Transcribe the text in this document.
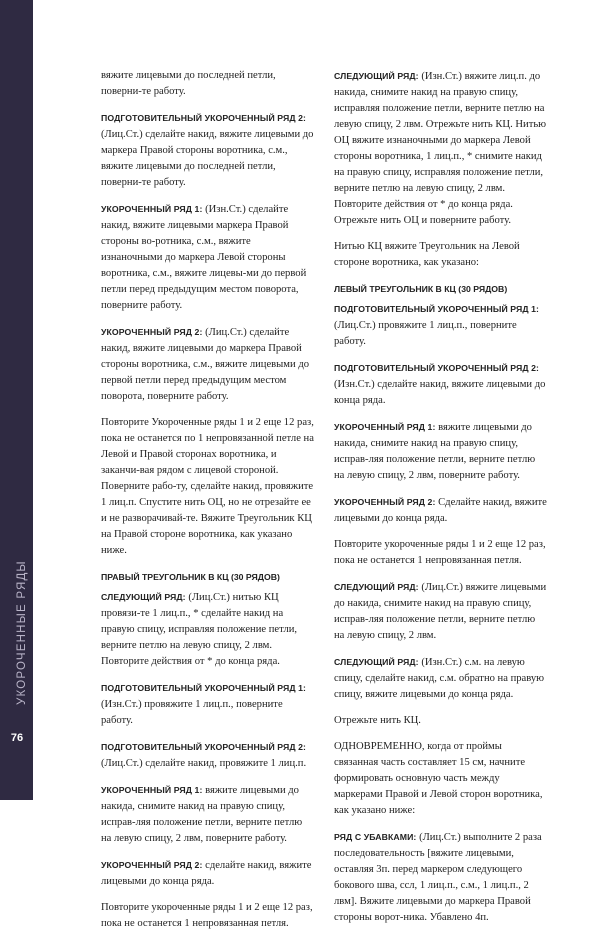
УКОРОЧЕННЫЕ РЯДЫ
76

вяжите лицевыми до последней петли, поверни-те работу.

ПОДГОТОВИТЕЛЬНЫЙ УКОРОЧЕННЫЙ РЯД 2: (Лиц.Ст.) сделайте накид, вяжите лицевыми до маркера Правой стороны воротника, с.м., вяжите лицевыми до последней петли, поверни-те работу.

УКОРОЧЕННЫЙ РЯД 1: (Изн.Ст.) сделайте накид, вяжите лицевыми маркера Правой стороны во-ротника, с.м., вяжите изнаночными до маркера Левой стороны воротника, с.м., вяжите лицевы-ми до первой петли перед предыдущим местом поворота, поверните работу.

УКОРОЧЕННЫЙ РЯД 2: (Лиц.Ст.) сделайте накид, вяжите лицевыми до маркера Правой стороны воротника, с.м., вяжите лицевыми до первой петли перед предыдущим местом поворота, поверните работу.

Повторите Укороченные ряды 1 и 2 еще 12 раз, пока не останется по 1 непровязанной петле на Левой и Правой сторонах воротника, и заканчи-вая рядом с лицевой стороной. Поверните рабо-ту, сделайте накид, провяжите 1 лиц.п. Спустите нить ОЦ, но не отрезайте ее и не разворачивай-те. Вяжите Треугольник КЦ на Правой стороне воротника, как указано ниже.

ПРАВЫЙ ТРЕУГОЛЬНИК В КЦ (30 РЯДОВ)

СЛЕДУЮЩИЙ РЯД: (Лиц.Ст.) нитью КЦ провязи-те 1 лиц.п., * сделайте накид на правую спицу, исправляя положение петли, верните петлю на левую спицу, 2 лвм. Повторите действия от * до конца ряда.

ПОДГОТОВИТЕЛЬНЫЙ УКОРОЧЕННЫЙ РЯД 1: (Изн.Ст.) провяжите 1 лиц.п., поверните работу.

ПОДГОТОВИТЕЛЬНЫЙ УКОРОЧЕННЫЙ РЯД 2: (Лиц.Ст.) сделайте накид, провяжите 1 лиц.п.

УКОРОЧЕННЫЙ РЯД 1: вяжите лицевыми до накида, снимите накид на правую спицу, исправ-ляя положение петли, верните петлю на левую спицу, 2 лвм, поверните работу.

УКОРОЧЕННЫЙ РЯД 2: сделайте накид, вяжите лицевыми до конца ряда.

Повторите укороченные ряды 1 и 2 еще 12 раз, пока не останется 1 непровязанная петля.

СЛЕДУЮЩИЙ РЯД: (Изн.Ст.) вяжите лиц.п. до накида, снимите накид на правую спицу, исправляя положение петли, верните петлю на левую спицу, 2 лвм. Отрежьте нить КЦ. Нитью ОЦ вяжите изнаночными до маркера Левой стороны воротника, 1 лиц.п., * снимите накид на правую спицу, исправляя положение петли, верните петлю на левую спицу, 2 лвм. Повторите действия от * до конца ряда. Отрежьте нить ОЦ и поверните работу.

Нитью КЦ вяжите Треугольник на Левой стороне воротника, как указано:

ЛЕВЫЙ ТРЕУГОЛЬНИК В КЦ (30 РЯДОВ)

ПОДГОТОВИТЕЛЬНЫЙ УКОРОЧЕННЫЙ РЯД 1: (Лиц.Ст.) провяжите 1 лиц.п., поверните работу.

ПОДГОТОВИТЕЛЬНЫЙ УКОРОЧЕННЫЙ РЯД 2: (Изн.Ст.) сделайте накид, вяжите лицевыми до конца ряда.

УКОРОЧЕННЫЙ РЯД 1: вяжите лицевыми до накида, снимите накид на правую спицу, исправ-ляя положение петли, верните петлю на левую спицу, 2 лвм, поверните работу.

УКОРОЧЕННЫЙ РЯД 2: Сделайте накид, вяжите лицевыми до конца ряда.

Повторите укороченные ряды 1 и 2 еще 12 раз, пока не останется 1 непровязанная петля.

СЛЕДУЮЩИЙ РЯД: (Лиц.Ст.) вяжите лицевыми до накида, снимите накид на правую спицу, исправ-ляя положение петли, верните петлю на левую спицу, 2 лвм.

СЛЕДУЮЩИЙ РЯД: (Изн.Ст.) с.м. на левую спицу, сделайте накид, с.м. обратно на правую спицу, вяжите лицевыми до конца ряда.

Отрежьте нить КЦ.

ОДНОВРЕМЕННО, когда от проймы связанная часть составляет 15 см, начните формировать основную часть между маркерами Правой и Левой сторон воротника, как указано ниже:

РЯД С УБАВКАМИ: (Лиц.Ст.) выполните 2 раза последовательность [вяжите лицевыми, оставляя 3п. перед маркером следующего бокового шва, сcл, 1 лиц.п., с.м., 1 лиц.п., 2 лвм]. Вяжите лицевыми до маркера Правой стороны ворот-ника. Убавлено 4п.
